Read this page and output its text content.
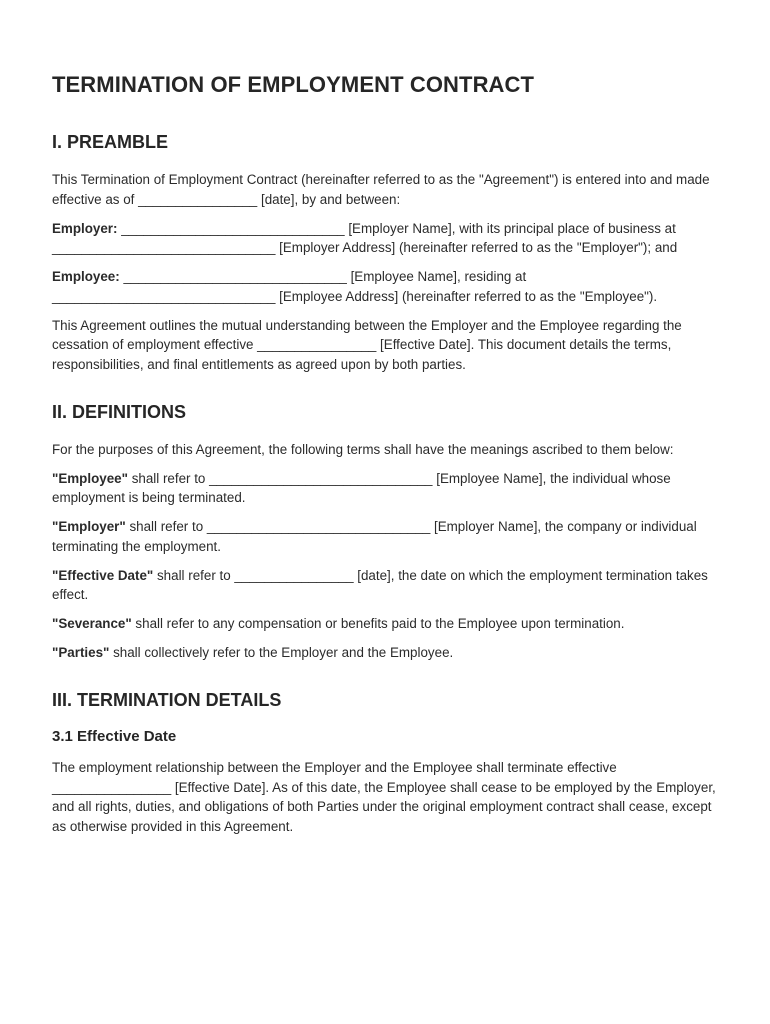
TERMINATION OF EMPLOYMENT CONTRACT
I. PREAMBLE

This Termination of Employment Contract (hereinafter referred to as the "Agreement") is entered into and made effective as of ________________ [date], by and between:

Employer: ______________________________ [Employer Name], with its principal place of business at ______________________________ [Employer Address] (hereinafter referred to as the "Employer"); and

Employee: ______________________________ [Employee Name], residing at ______________________________ [Employee Address] (hereinafter referred to as the "Employee").

This Agreement outlines the mutual understanding between the Employer and the Employee regarding the cessation of employment effective ________________ [Effective Date]. This document details the terms, responsibilities, and final entitlements as agreed upon by both parties.

II. DEFINITIONS

For the purposes of this Agreement, the following terms shall have the meanings ascribed to them below:

"Employee" shall refer to ______________________________ [Employee Name], the individual whose employment is being terminated.

"Employer" shall refer to ______________________________ [Employer Name], the company or individual terminating the employment.

"Effective Date" shall refer to ________________ [date], the date on which the employment termination takes effect.

"Severance" shall refer to any compensation or benefits paid to the Employee upon termination.

"Parties" shall collectively refer to the Employer and the Employee.

III. TERMINATION DETAILS
3.1 Effective Date

The employment relationship between the Employer and the Employee shall terminate effective ________________ [Effective Date]. As of this date, the Employee shall cease to be employed by the Employer, and all rights, duties, and obligations of both Parties under the original employment contract shall cease, except as otherwise provided in this Agreement.
